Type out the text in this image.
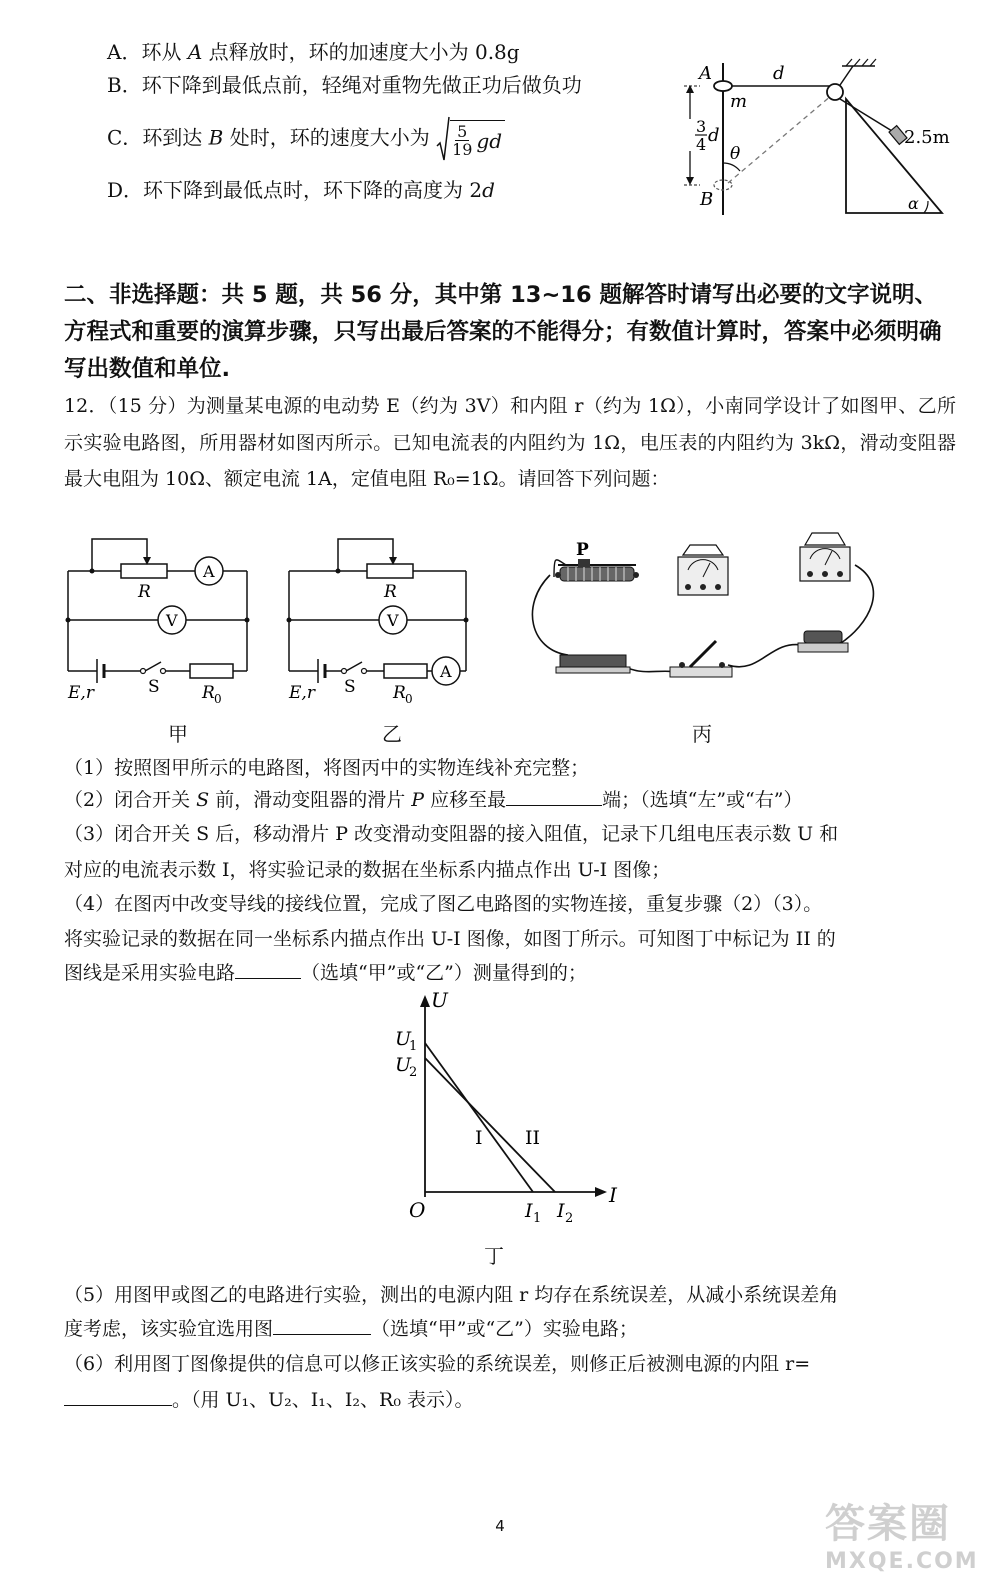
A．环从 A 点释放时，环的加速度大小为 0.8g
B．环下降到最低点前，轻绳对重物先做正功后做负功
C．环到达 B 处时，环的速度大小为 $\frac{5}{19}$ gd
D．环下降到最低点时，环下降的高度为 2d
A
m
d
3
4 d
θ
B
2.5m
α
二、非选择题：共 5 题，共 56 分，其中第 13~16 题解答时请写出必要的文字说明、方程式和重要的演算步骤，只写出最后答案的不能得分；有数值计算时，答案中必须明确写出数值和单位.
12．（15 分）为测量某电源的电动势 E（约为 3V）和内阻 r（约为 1Ω），小南同学设计了如图甲、乙所示实验电路图，所用器材如图丙所示。已知电流表的内阻约为 1Ω，电压表的内阻约为 3kΩ，滑动变阻器最大电阻为 10Ω、额定电流 1A，定值电阻 R₀=1Ω。请回答下列问题：
A
V
R
E,r	S R 0
A
V
R
E,r S R 0
P
甲	乙	丙
（1）按照图甲所示的电路图，将图丙中的实物连线补充完整；
（2）闭合开关 S 前，滑动变阻器的滑片 P 应移至最	端；（选填“左”或“右”）
（3）闭合开关 S 后，移动滑片 P 改变滑动变阻器的接入阻值，记录下几组电压表示数 U 和
对应的电流表示数 I，将实验记录的数据在坐标系内描点作出 U-I 图像；
（4）在图丙中改变导线的接线位置，完成了图乙电路图的实物连接，重复步骤（2）（3）。
将实验记录的数据在同一坐标系内描点作出 U-I 图像，如图丁所示。可知图丁中标记为 II 的
图线是采用实验电路	（选填“甲”或“乙”）测量得到的；
U
I
O
U
1
U
2
I 1 I 2
I II
丁
（5）用图甲或图乙的电路进行实验，测出的电源内阻 r 均存在系统误差，从减小系统误差角
度考虑，该实验宜选用图	（选填“甲”或“乙”）实验电路；
（6）利用图丁图像提供的信息可以修正该实验的系统误差，则修正后被测电源的内阻 r=
。（用 U₁、U₂、I₁、I₂、R₀ 表示）。
4	答案圈
MXQE.COM
